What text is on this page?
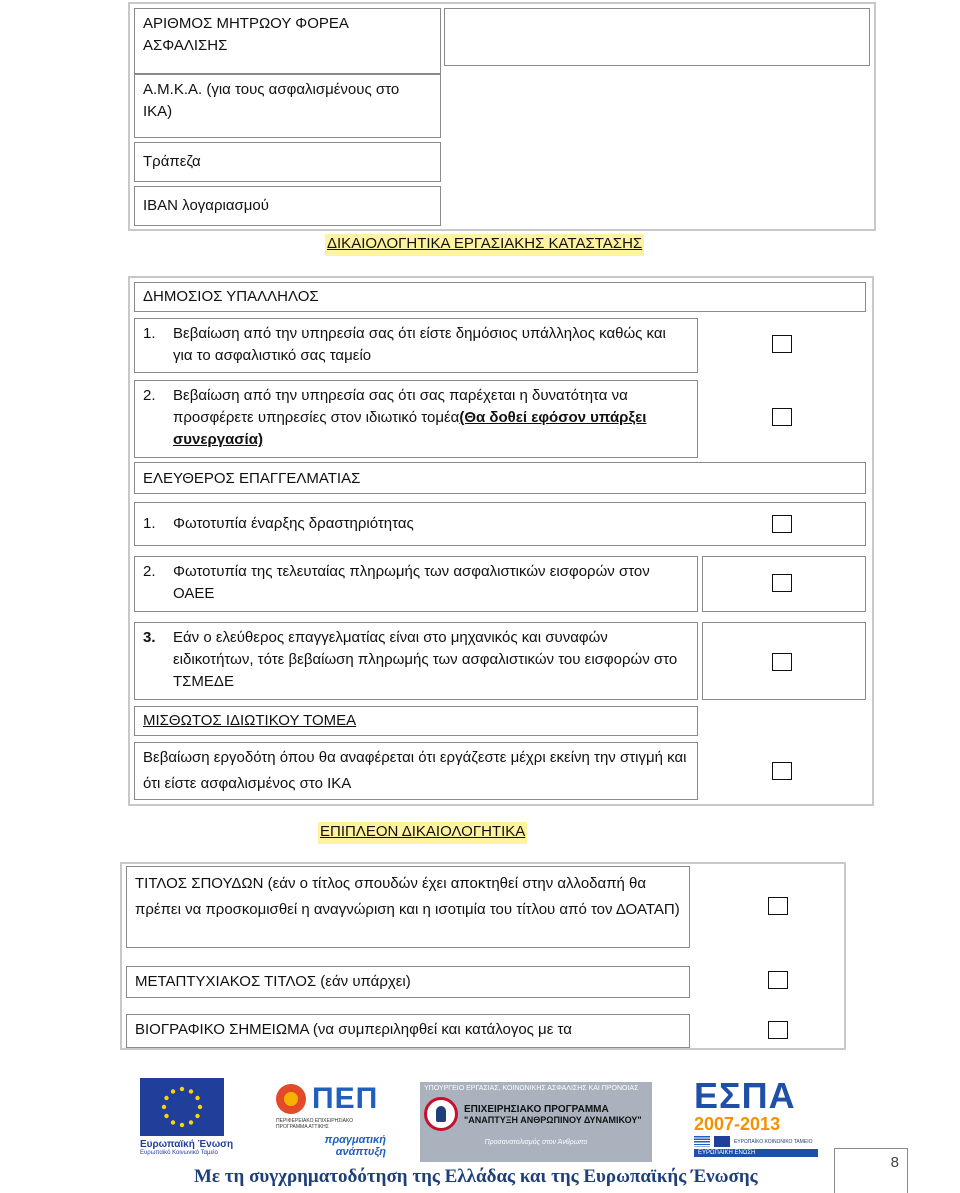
ΑΡΙΘΜΟΣ ΜΗΤΡΩΟΥ ΦΟΡΕΑ ΑΣΦΑΛΙΣΗΣ
Α.Μ.Κ.Α. (για τους ασφαλισμένους στο ΙΚΑ)
Τράπεζα
IBAN λογαριασμού
ΔΙΚΑΙΟΛΟΓΗΤΙΚΑ ΕΡΓΑΣΙΑΚΗΣ ΚΑΤΑΣΤΑΣΗΣ
ΔΗΜΟΣΙΟΣ ΥΠΑΛΛΗΛΟΣ
1. Βεβαίωση από την υπηρεσία σας ότι είστε δημόσιος υπάλληλος καθώς και για το ασφαλιστικό σας ταμείο
2. Βεβαίωση από την υπηρεσία σας ότι σας παρέχεται η δυνατότητα να προσφέρετε υπηρεσίες στον ιδιωτικό τομέα(Θα δοθεί εφόσον υπάρξει συνεργασία)
ΕΛΕΥΘΕΡΟΣ ΕΠΑΓΓΕΛΜΑΤΙΑΣ
1. Φωτοτυπία έναρξης δραστηριότητας
2. Φωτοτυπία της τελευταίας πληρωμής των ασφαλιστικών εισφορών στον ΟΑΕΕ
3. Εάν ο ελεύθερος επαγγελματίας είναι στο μηχανικός και συναφών ειδικοτήτων, τότε βεβαίωση πληρωμής των ασφαλιστικών του εισφορών στο ΤΣΜΕΔΕ
ΜΙΣΘΩΤΟΣ ΙΔΙΩΤΙΚΟΥ ΤΟΜΕΑ
Βεβαίωση εργοδότη όπου θα αναφέρεται ότι εργάζεστε μέχρι εκείνη την στιγμή και ότι είστε ασφαλισμένος στο ΙΚΑ
ΕΠΙΠΛΕΟΝ ΔΙΚΑΙΟΛΟΓΗΤΙΚΑ
ΤΙΤΛΟΣ ΣΠΟΥΔΩΝ (εάν ο τίτλος σπουδών έχει αποκτηθεί στην αλλοδαπή θα πρέπει να προσκομισθεί η αναγνώριση και η ισοτιμία του τίτλου από τον ΔΟΑΤΑΠ)
ΜΕΤΑΠΤΥΧΙΑΚΟΣ ΤΙΤΛΟΣ (εάν υπάρχει)
ΒΙΟΓΡΑΦΙΚΟ ΣΗΜΕΙΩΜΑ (να συμπεριληφθεί και κατάλογος με τα
Ευρωπαϊκή Ένωση
Ευρωπαϊκό Κοινωνικό Ταμείο
ΠΕΠ
ΠΕΡΙΦΕΡΕΙΑΚΟ ΕΠΙΧΕΙΡΗΣΙΑΚΟ ΠΡΟΓΡΑΜΜΑ ΑΤΤΙΚΗΣ
πραγματική
ανάπτυξη
ΥΠΟΥΡΓΕΙΟ ΕΡΓΑΣΙΑΣ, ΚΟΙΝΩΝΙΚΗΣ ΑΣΦΑΛΙΣΗΣ ΚΑΙ ΠΡΟΝΟΙΑΣ
ΕΠΙΧΕΙΡΗΣΙΑΚΟ ΠΡΟΓΡΑΜΜΑ
"ΑΝΑΠΤΥΞΗ ΑΝΘΡΩΠΙΝΟΥ ΔΥΝΑΜΙΚΟΥ"
Προσανατολισμός στον Άνθρωπο
ΕΣΠΑ
2007-2013
ΕΥΡΩΠΑΪΚΟ ΚΟΙΝΩΝΙΚΟ ΤΑΜΕΙΟ
ΕΥΡΩΠΑΪΚΗ ΕΝΩΣΗ
Με τη συγχρηματοδότηση της Ελλάδας και της Ευρωπαϊκής Ένωσης
8
